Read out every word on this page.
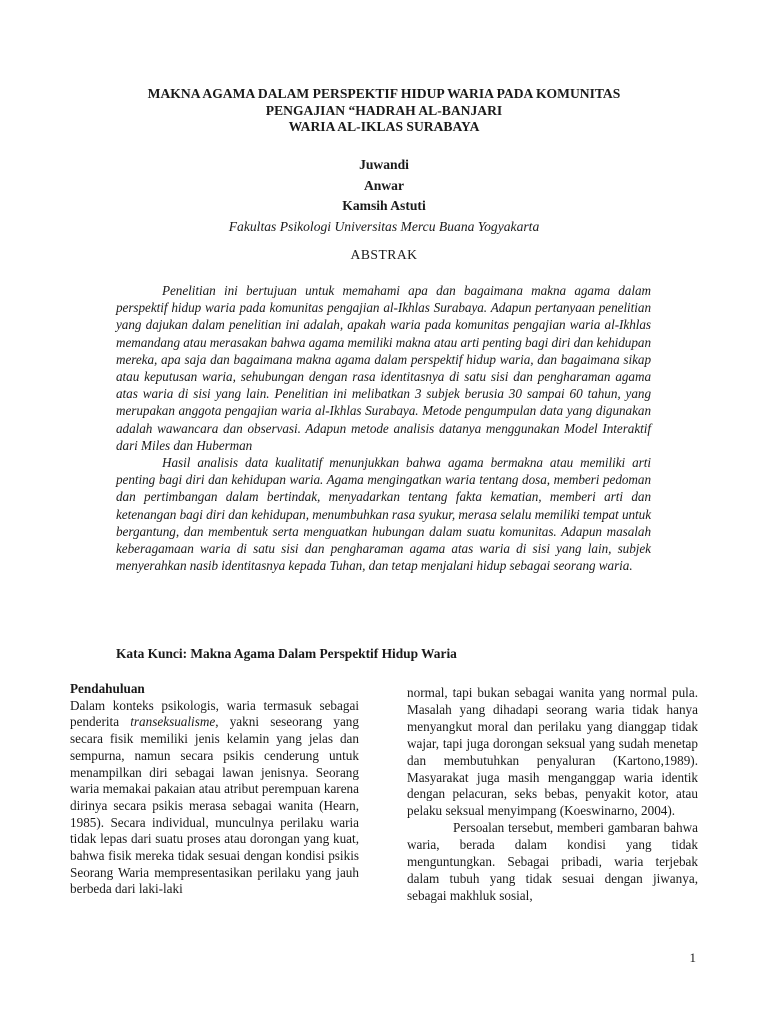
MAKNA AGAMA DALAM PERSPEKTIF HIDUP WARIA PADA KOMUNITAS
PENGAJIAN “HADRAH AL-BANJARI
WARIA AL-IKLAS SURABAYA
Juwandi
Anwar
Kamsih Astuti
Fakultas Psikologi Universitas Mercu Buana Yogyakarta
ABSTRAK

Penelitian ini bertujuan untuk memahami apa dan bagaimana makna agama dalam perspektif hidup waria pada komunitas pengajian al-Ikhlas Surabaya. Adapun pertanyaan penelitian yang dajukan dalam penelitian ini adalah, apakah waria pada komunitas pengajian waria al-Ikhlas memandang atau merasakan bahwa agama memiliki makna atau arti penting bagi diri dan kehidupan mereka, apa saja dan bagaimana makna agama dalam perspektif hidup waria, dan bagaimana sikap atau keputusan waria, sehubungan dengan rasa identitasnya di satu sisi dan pengharaman agama atas waria di sisi yang lain. Penelitian ini melibatkan 3 subjek berusia 30 sampai 60 tahun, yang merupakan anggota pengajian waria al-Ikhlas Surabaya. Metode pengumpulan data yang digunakan adalah wawancara dan observasi. Adapun metode analisis datanya menggunakan Model Interaktif dari Miles dan Huberman

Hasil analisis data kualitatif menunjukkan bahwa agama bermakna atau memiliki arti penting bagi diri dan kehidupan waria. Agama mengingatkan waria tentang dosa, memberi pedoman dan pertimbangan dalam bertindak, menyadarkan tentang fakta kematian, memberi arti dan ketenangan bagi diri dan kehidupan, menumbuhkan rasa syukur, merasa selalu memiliki tempat untuk bergantung, dan membentuk serta menguatkan hubungan dalam suatu komunitas. Adapun masalah keberagamaan waria di satu sisi dan pengharaman agama atas waria di sisi yang lain, subjek menyerahkan nasib identitasnya kepada Tuhan, dan tetap menjalani hidup sebagai seorang waria.

Kata Kunci: Makna Agama Dalam Perspektif Hidup Waria
Pendahuluan

Dalam konteks psikologis, waria termasuk sebagai penderita transeksualisme, yakni seseorang yang secara fisik memiliki jenis kelamin yang jelas dan sempurna, namun secara psikis cenderung untuk menampilkan diri sebagai lawan jenisnya. Seorang waria memakai pakaian atau atribut perempuan karena dirinya secara psikis merasa sebagai wanita (Hearn, 1985). Secara individual, munculnya perilaku waria tidak lepas dari suatu proses atau dorongan yang kuat, bahwa fisik mereka tidak sesuai dengan kondisi psikis Seorang Waria mempresentasikan perilaku yang jauh berbeda dari laki-laki

normal, tapi bukan sebagai wanita yang normal pula. Masalah yang dihadapi seorang waria tidak hanya menyangkut moral dan perilaku yang dianggap tidak wajar, tapi juga dorongan seksual yang sudah menetap dan membutuhkan penyaluran (Kartono,1989). Masyarakat juga masih menganggap waria identik dengan pelacuran, seks bebas, penyakit kotor, atau pelaku seksual menyimpang (Koeswinarno, 2004).

Persoalan tersebut, memberi gambaran bahwa waria, berada dalam kondisi yang tidak menguntungkan. Sebagai pribadi, waria terjebak dalam tubuh yang tidak sesuai dengan jiwanya, sebagai makhluk sosial,

1
